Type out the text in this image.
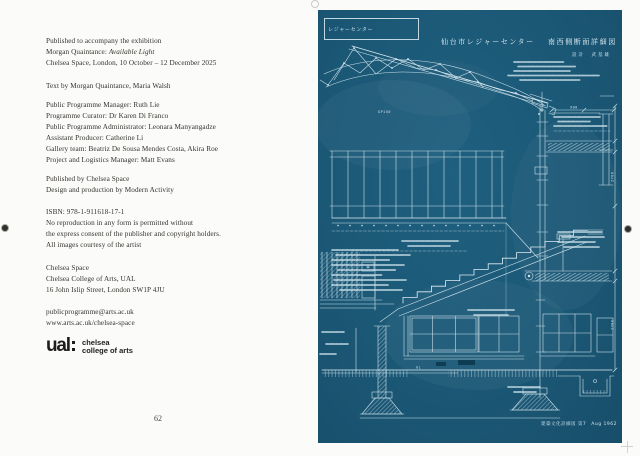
Published to accompany the exhibition
Morgan Quaintance: Available Light
Chelsea Space, London, 10 October – 12 December 2025
Text by Morgan Quaintance, Maria Walsh
Public Programme Manager: Ruth Lie
Programme Curator: Dr Karen Di Franco
Public Programme Administrator: Leonara Manyangadze
Assistant Producer: Catherine Li
Gallery team: Beatriz De Sousa Mendes Costa, Akira Roe
Project and Logistics Manager: Matt Evans
Published by Chelsea Space
Design and production by Modern Activity
ISBN: 978-1-911618-17-1
No reproduction in any form is permitted without
the express consent of the publisher and copyright holders.
All images courtesy of the artist
Chelsea Space
Chelsea College of Arts, UAL
16 John Islip Street, London SW1P 4JU
publicprogramme@arts.ac.uk
www.arts.ac.uk/chelsea-space
ual chelsea
college of arts
62
GP150
GL
2700
2700
900
レジャーセンター
仙台市レジャーセンター 南西側断面詳細図
設計　武基雄
建築文化詳細図 第7　Aug 1962
